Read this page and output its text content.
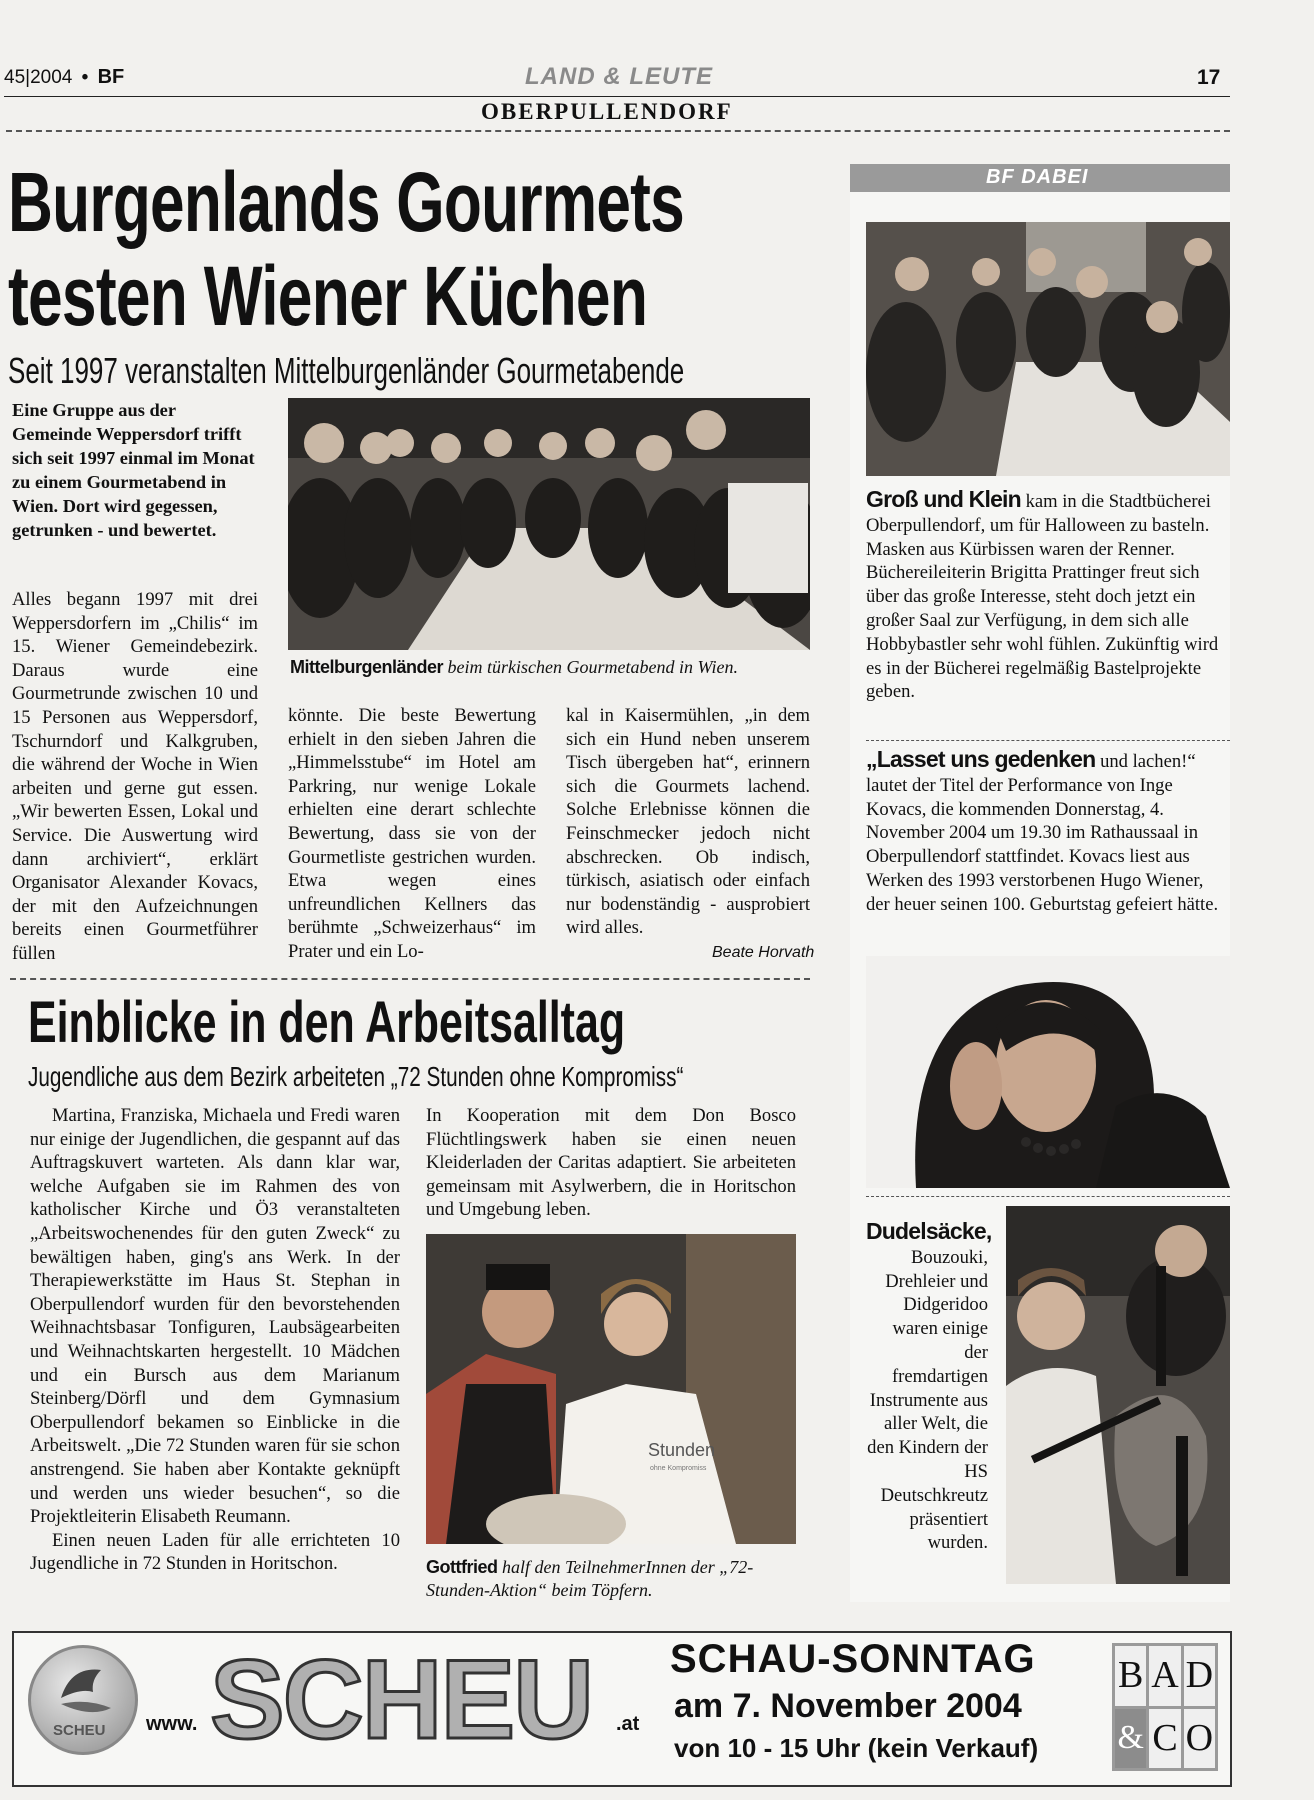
45|2004 • BF	LAND & LEUTE	17
OBERPULLENDORF
Burgenlands Gourmets
testen Wiener Küchen
Seit 1997 veranstalten Mittelburgenländer Gourmetabende

Eine Gruppe aus der Gemeinde Weppersdorf trifft sich seit 1997 einmal im Monat zu einem Gourmetabend in Wien. Dort wird gegessen, getrunken - und bewertet.

Alles begann 1997 mit drei Weppersdorfern im „Chilis“ im 15. Wiener Gemeindebezirk. Daraus wurde eine Gourmetrunde zwischen 10 und 15 Personen aus Weppersdorf, Tschurndorf und Kalkgruben, die während der Woche in Wien arbeiten und gerne gut essen. „Wir bewerten Essen, Lokal und Service. Die Auswertung wird dann archiviert“, erklärt Organisator Alexander Kovacs, der mit den Aufzeichnungen bereits einen Gourmetführer füllen

Mittelburgenländer beim türkischen Gourmetabend in Wien.

könnte. Die beste Bewertung erhielt in den sieben Jahren die „Himmelsstube“ im Hotel am Parkring, nur wenige Lokale erhielten eine derart schlechte Bewertung, dass sie von der Gourmetliste gestrichen wurden. Etwa wegen eines unfreundlichen Kellners das berühmte „Schweizerhaus“ im Prater und ein Lo-

kal in Kaisermühlen, „in dem sich ein Hund neben unserem Tisch übergeben hat“, erinnern sich die Gourmets lachend. Solche Erlebnisse können die Feinschmecker jedoch nicht abschrecken. Ob indisch, türkisch, asiatisch oder einfach nur bodenständig - ausprobiert wird alles.

Beate Horvath
Einblicke in den Arbeitsalltag
Jugendliche aus dem Bezirk arbeiteten „72 Stunden ohne Kompromiss“

Martina, Franziska, Michaela und Fredi waren nur einige der Jugendlichen, die gespannt auf das Auftragskuvert warteten. Als dann klar war, welche Aufgaben sie im Rahmen des von katholischer Kirche und Ö3 veranstalteten „Arbeitswochenendes für den guten Zweck“ zu bewältigen haben, ging's ans Werk. In der Therapiewerkstätte im Haus St. Stephan in Oberpullendorf wurden für den bevorstehenden Weihnachtsbasar Tonfiguren, Laubsägearbeiten und Weihnachtskarten hergestellt. 10 Mädchen und ein Bursch aus dem Marianum Steinberg/Dörfl und dem Gymnasium Oberpullendorf bekamen so Einblicke in die Arbeitswelt. „Die 72 Stunden waren für sie schon anstrengend. Sie haben aber Kontakte geknüpft und werden uns wieder besuchen“, so die Projektleiterin Elisabeth Reumann.

Einen neuen Laden für alle errichteten 10 Jugendliche in 72 Stunden in Horitschon.

In Kooperation mit dem Don Bosco Flüchtlingswerk haben sie einen neuen Kleiderladen der Caritas adaptiert. Sie arbeiteten gemeinsam mit Asylwerbern, die in Horitschon und Umgebung leben.

Stunden
ohne Kompromiss
Gottfried half den TeilnehmerInnen der „72-Stunden-Aktion“ beim Töpfern.
BF DABEI
Groß und Klein kam in die Stadtbücherei Oberpullendorf, um für Halloween zu basteln. Masken aus Kürbissen waren der Renner. Büchereileiterin Brigitta Prattinger freut sich über das große Interesse, steht doch jetzt ein großer Saal zur Verfügung, in dem sich alle Hobbybastler sehr wohl fühlen. Zukünftig wird es in der Bücherei regelmäßig Bastelprojekte geben.
„Lasset uns gedenken und lachen!“ lautet der Titel der Performance von Inge Kovacs, die kommenden Donnerstag, 4. November 2004 um 19.30 im Rathaussaal in Oberpullendorf stattfindet. Kovacs liest aus Werken des 1993 verstorbenen Hugo Wiener, der heuer seinen 100. Geburtstag gefeiert hätte.
Dudelsäcke, Bouzouki, Drehleier und Didgeridoo waren einige der fremdartigen Instrumente aus aller Welt, die den Kindern der HS Deutschkreutz präsentiert wurden.
SCHEU www. SCHEU .at
SCHAU-SONNTAG
am 7. November 2004
von 10 - 15 Uhr (kein Verkauf)
B A D
& C O
